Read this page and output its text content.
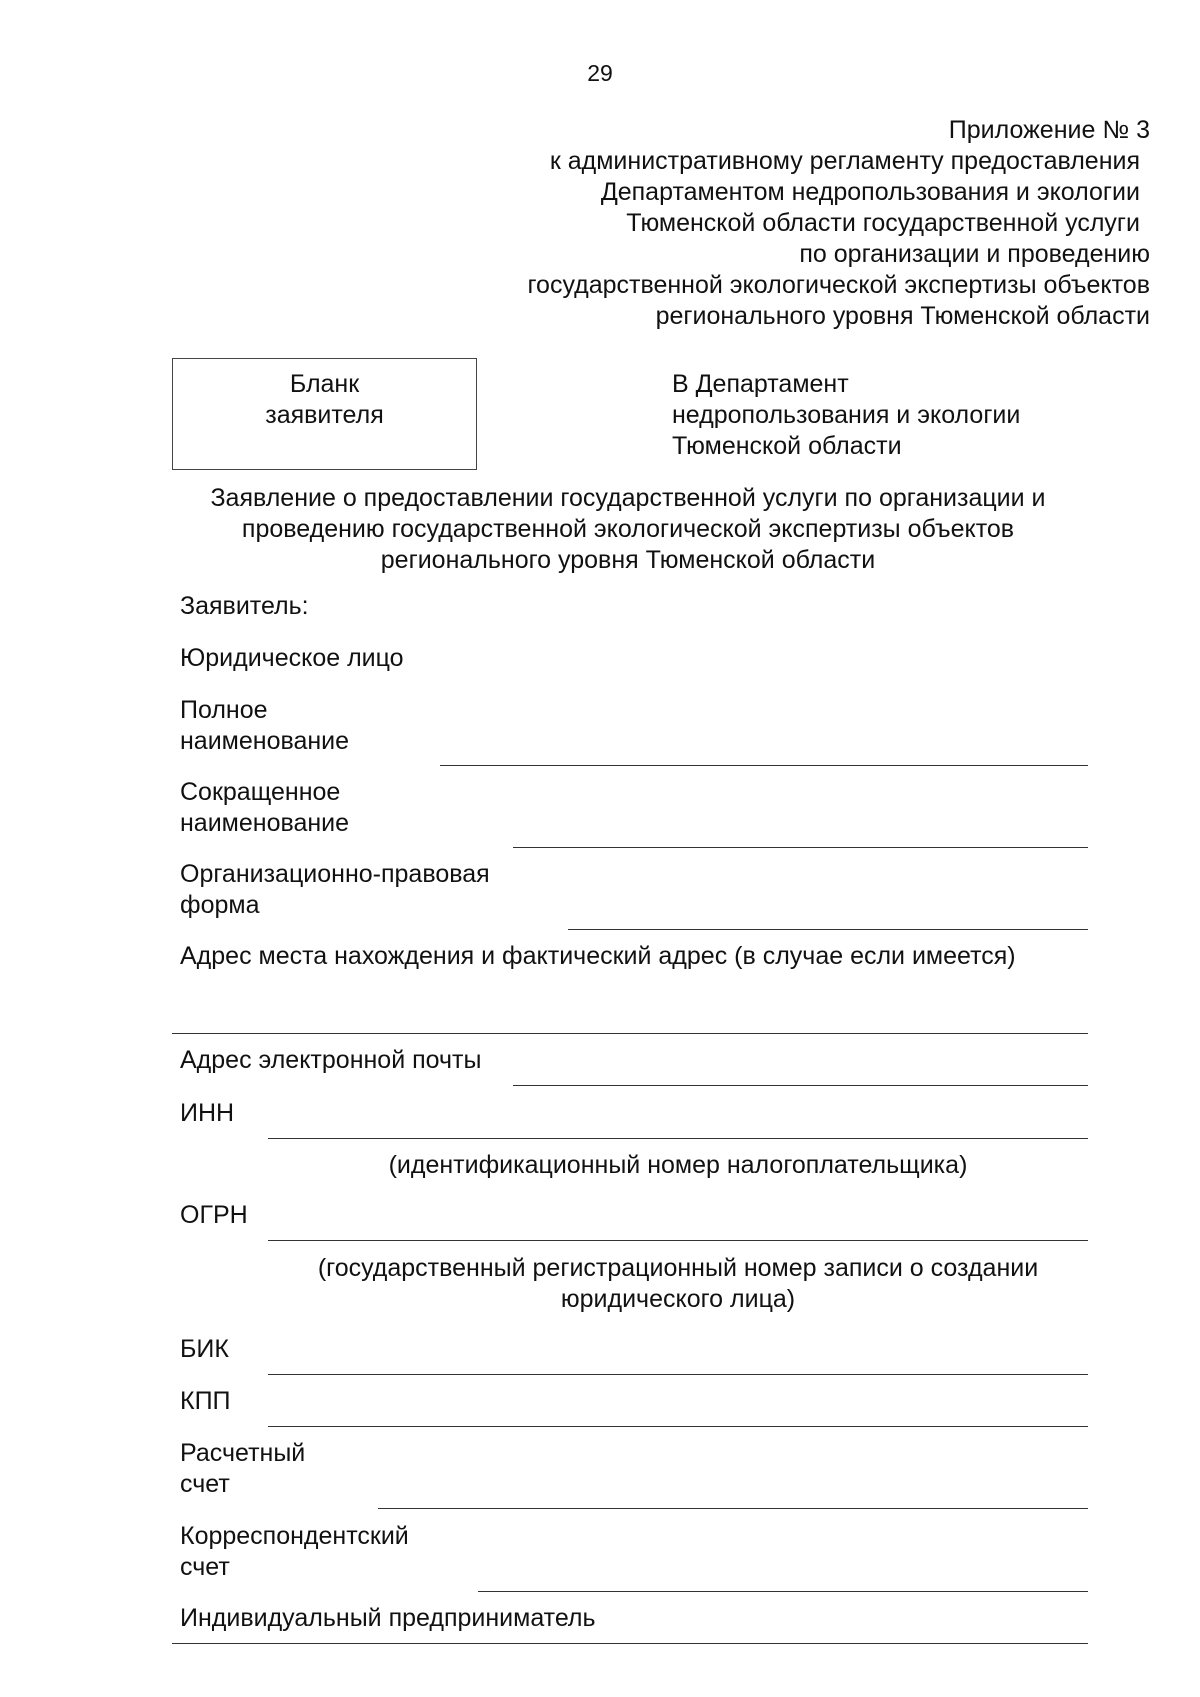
29
Приложение № 3
к административному регламенту предоставления
Департаментом недропользования и экологии
Тюменской области государственной услуги
по организации и проведению
государственной экологической экспертизы объектов
регионального уровня Тюменской области
Бланк
заявителя
В Департамент
недропользования и экологии
Тюменской области
Заявление о предоставлении государственной услуги по организации и
проведению государственной экологической экспертизы объектов
регионального уровня Тюменской области
Заявитель:
Юридическое лицо
Полное
наименование
Сокращенное
наименование
Организационно-правовая
форма
Адрес места нахождения и фактический адрес (в случае если имеется)
Адрес электронной почты
ИНН
(идентификационный номер налогоплательщика)
ОГРН
(государственный регистрационный номер записи о создании
юридического лица)
БИК
КПП
Расчетный
счет
Корреспондентский
счет
Индивидуальный предприниматель
